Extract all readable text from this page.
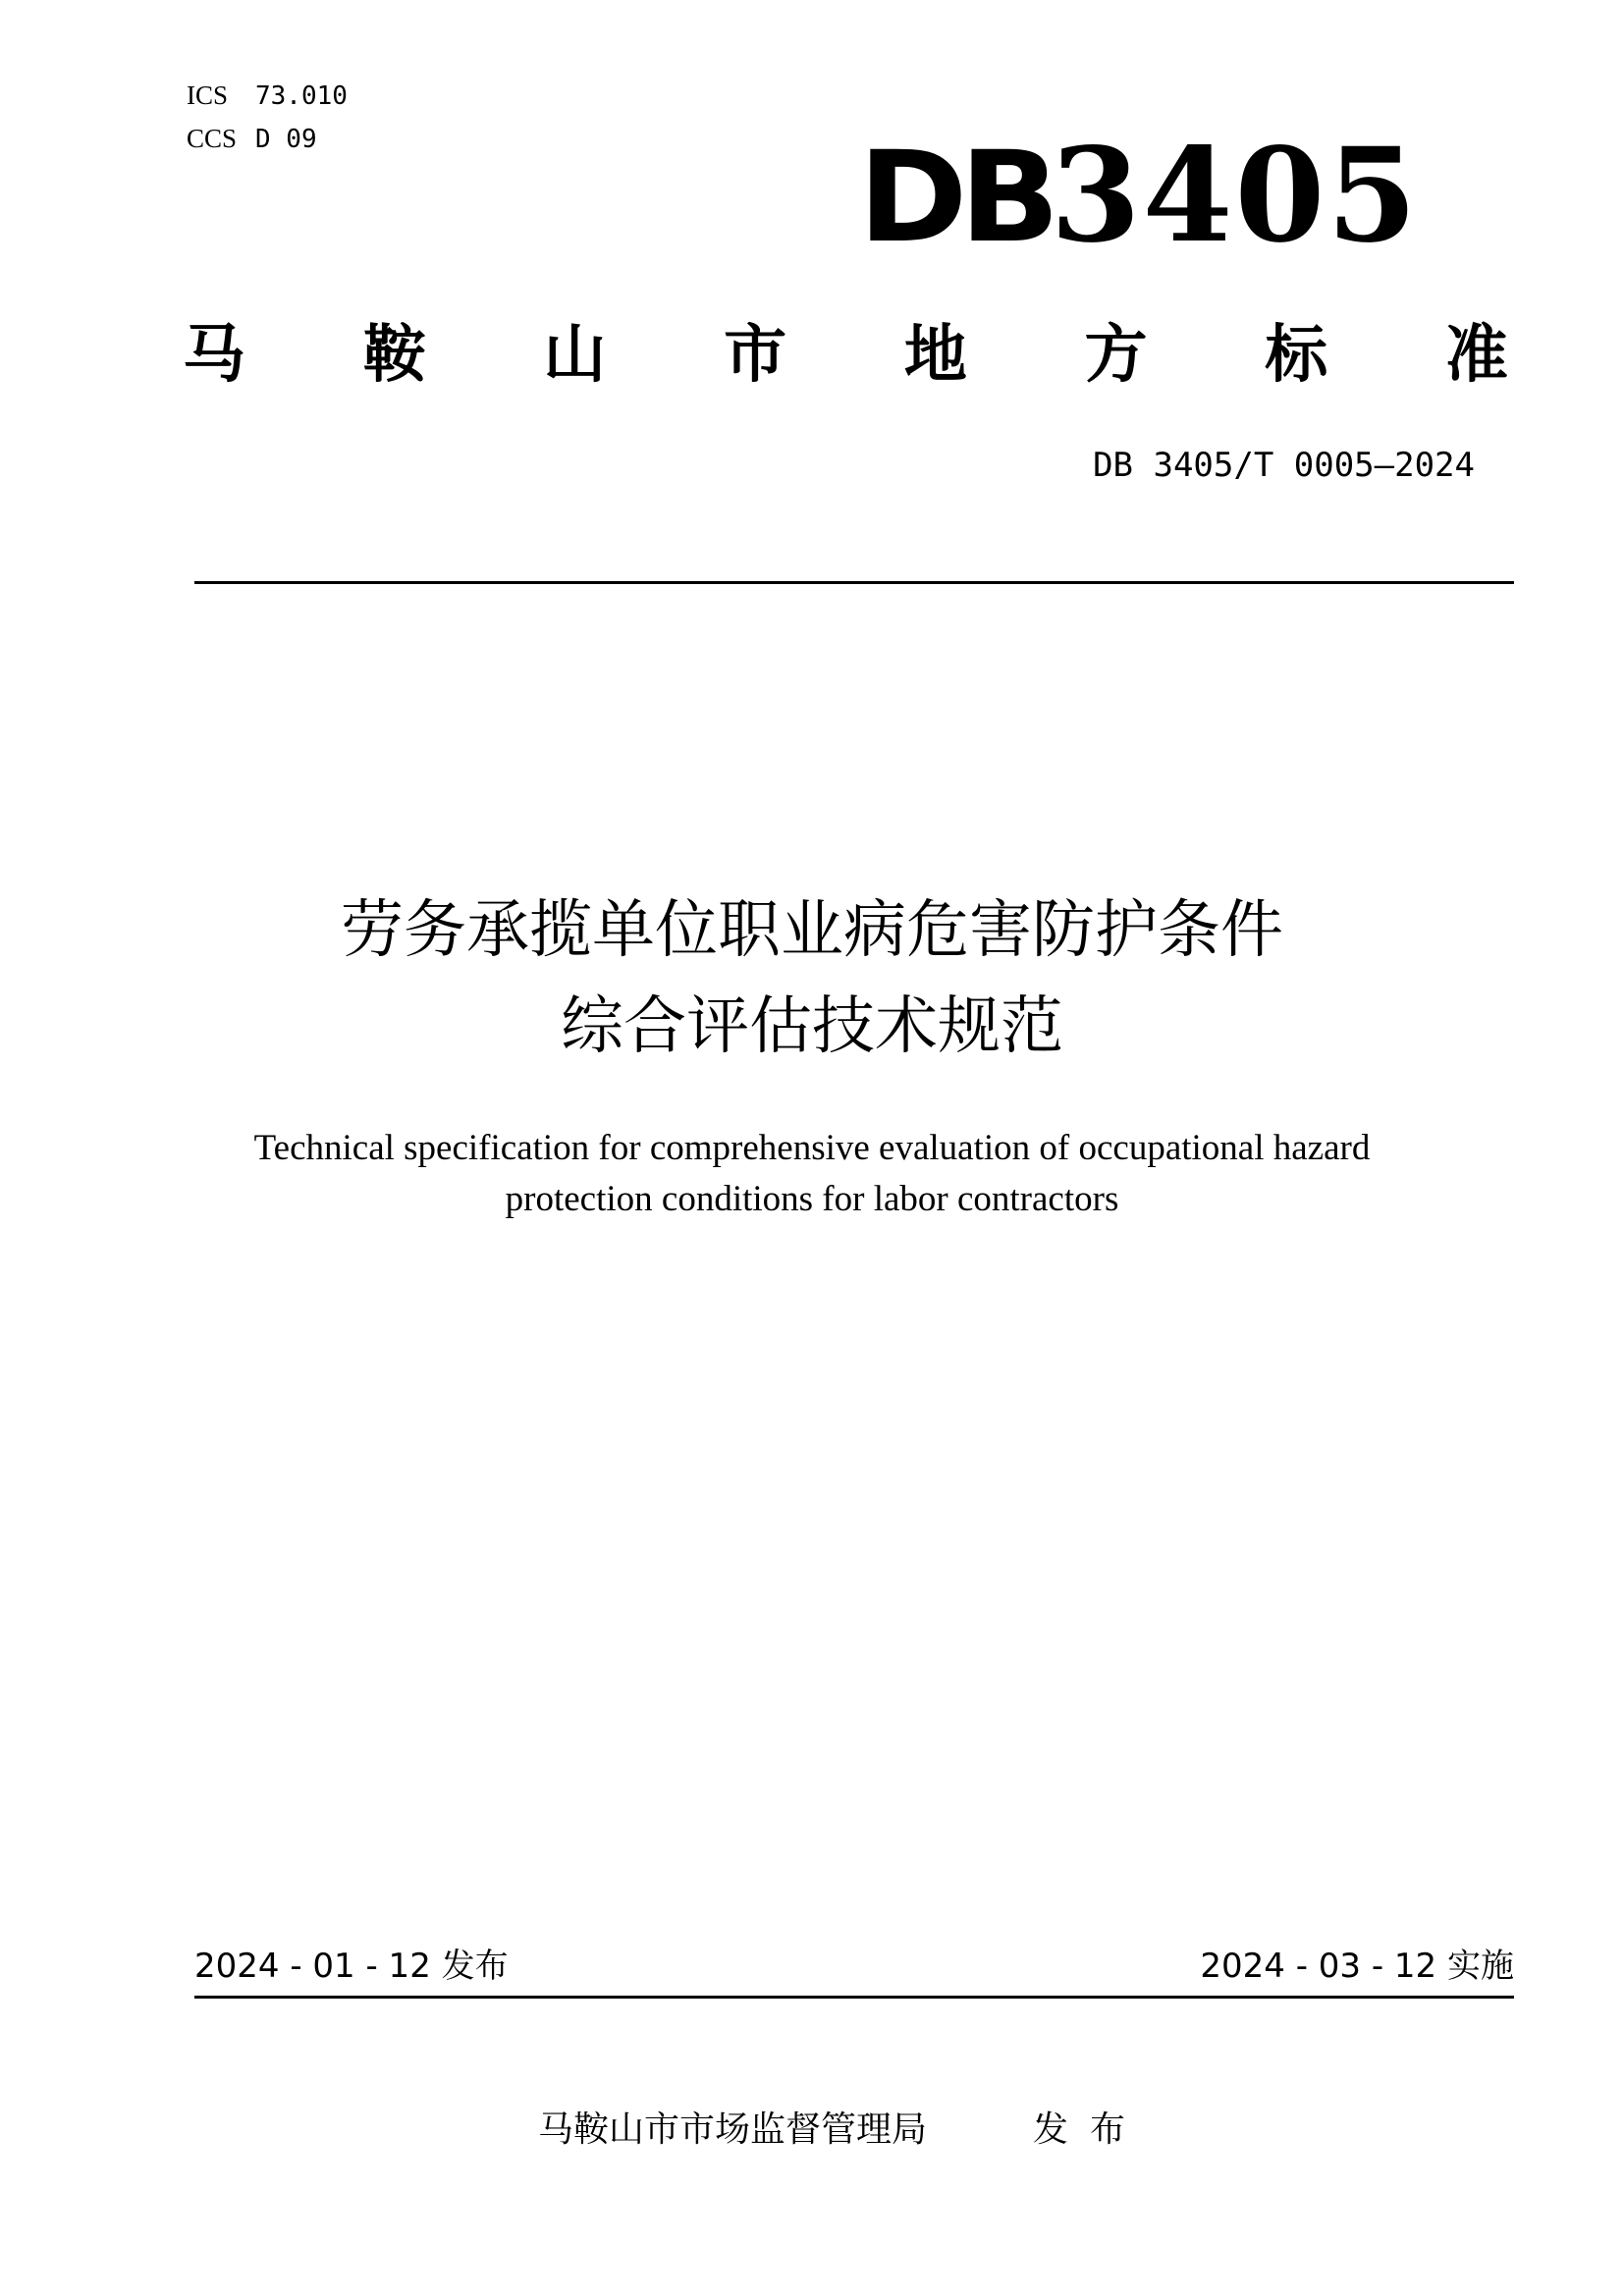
ICS 73.010
CCS D 09	DB3405
马 鞍 山 市 地 方 标 准
DB 3405/T 0005—2024
劳务承揽单位职业病危害防护条件
综合评估技术规范
Technical specification for comprehensive evaluation of occupational hazard
protection conditions for labor contractors
2024 - 01 - 12 发布	2024 - 03 - 12 实施
马鞍山市市场监督管理局	发布
